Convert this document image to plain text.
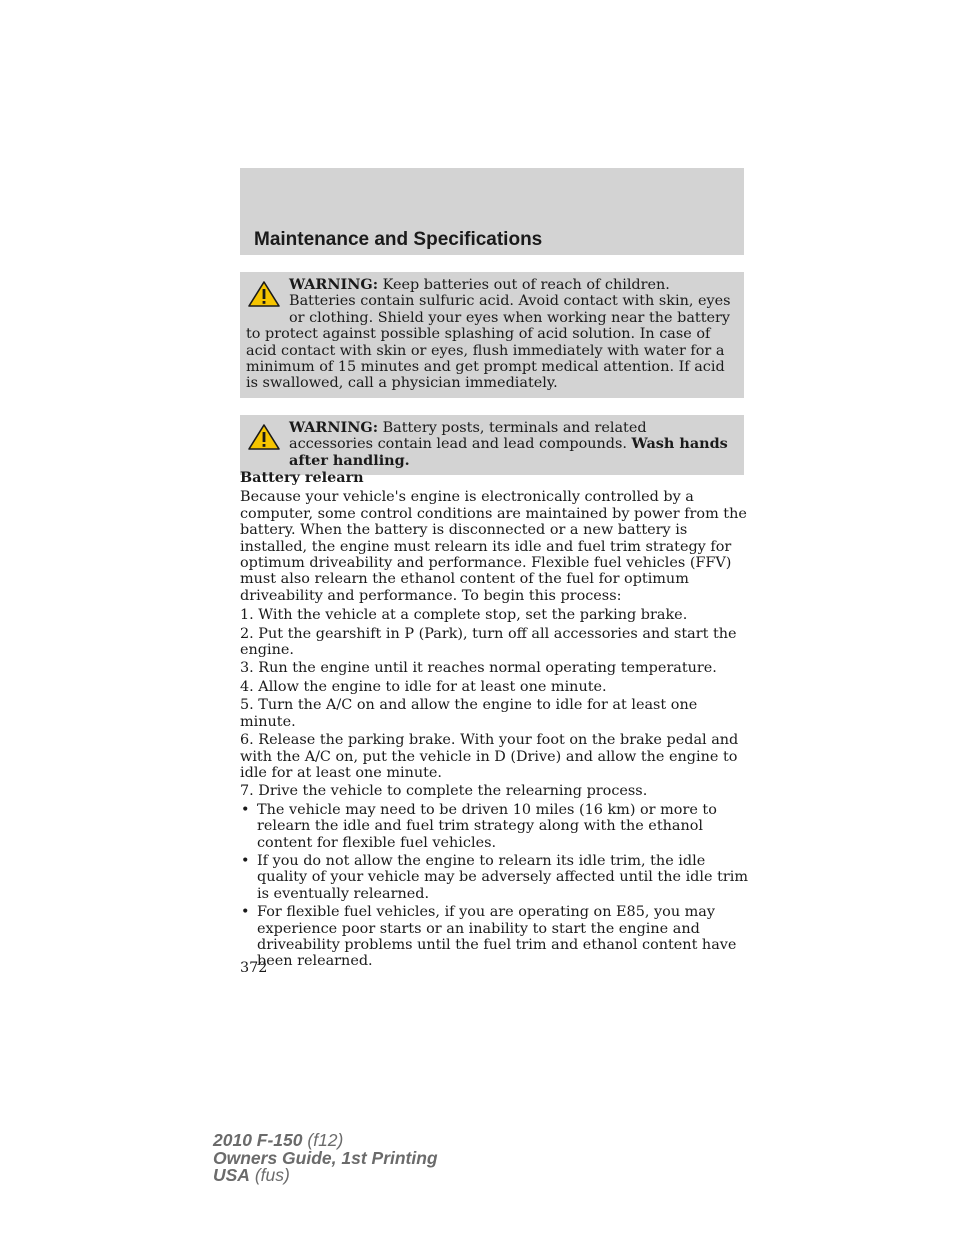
Maintenance and Specifications

WARNING: Keep batteries out of reach of children. Batteries contain sulfuric acid. Avoid contact with skin, eyes or clothing. Shield your eyes when working near the battery to protect against possible splashing of acid solution. In case of acid contact with skin or eyes, flush immediately with water for a minimum of 15 minutes and get prompt medical attention. If acid is swallowed, call a physician immediately.

WARNING: Battery posts, terminals and related accessories contain lead and lead compounds. Wash hands after handling.

Battery relearn

Because your vehicle's engine is electronically controlled by a computer, some control conditions are maintained by power from the battery. When the battery is disconnected or a new battery is installed, the engine must relearn its idle and fuel trim strategy for optimum driveability and performance. Flexible fuel vehicles (FFV) must also relearn the ethanol content of the fuel for optimum driveability and performance. To begin this process:

1. With the vehicle at a complete stop, set the parking brake.

2. Put the gearshift in P (Park), turn off all accessories and start the engine.

3. Run the engine until it reaches normal operating temperature.

4. Allow the engine to idle for at least one minute.

5. Turn the A/C on and allow the engine to idle for at least one minute.

6. Release the parking brake. With your foot on the brake pedal and with the A/C on, put the vehicle in D (Drive) and allow the engine to idle for at least one minute.

7. Drive the vehicle to complete the relearning process.

• The vehicle may need to be driven 10 miles (16 km) or more to relearn the idle and fuel trim strategy along with the ethanol content for flexible fuel vehicles.
• If you do not allow the engine to relearn its idle trim, the idle quality of your vehicle may be adversely affected until the idle trim is eventually relearned.
• For flexible fuel vehicles, if you are operating on E85, you may experience poor starts or an inability to start the engine and driveability problems until the fuel trim and ethanol content have been relearned.
372
2010 F-150 (f12)
Owners Guide, 1st Printing
USA (fus)
